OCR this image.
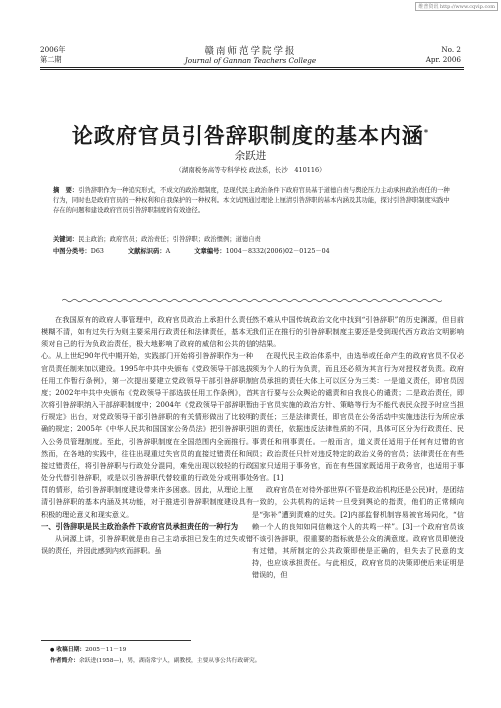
维普资讯 http://www.cqvip.com
2006年
第二期
赣南师范学院学报
Journal of Gannan Teachers College
No. 2
Apr. 2006
论政府官员引咎辞职制度的基本内涵*
余跃进
（湖南税务高等专科学校 政法系，长沙　410116）
摘　要：引咎辞职作为一种追究形式，不成文的政治理制度，是现代民主政治条件下政府官员基于道德自责与舆论压力主动承担政治责任的一种行为，同时也是政府官员的一种权利和自我保护的一种权利。本文试图通过理论上厘清引咎辞职的基本内涵及其功能，探讨引咎辞职制度实践中存在的问题和建设政府官员引咎辞职制度的有效途径。
关键词：民主政治；政府官员；政治责任；引咎辞职；政治惯例；道德自责
中图分类号：D63	文献标识码：A	文章编号：1004－8332(2006)02－0125－04

在我国原有的政府人事管理中，政府官员政治上承担什么责任模糊不清，如有过失行为则主要采用行政责任和法律责任，基本无须对自己的行为负政治责任，极大地影响了政府的威信和公共的信心。从上世纪90年代中期开始，实践部门开始将引咎辞职作为一种官员责任制来加以建设。1995年中共中央颁布《党政领导干部选拔任用工作暂行条例》，第一次提出要建立党政领导干部引咎辞职制度；2002年中共中央颁布《党政领导干部选拔任用工作条例》，首次将引咎辞职纳入干部辞职制度中；2004年《党政领导干部辞职暂行规定》出台，对党政领导干部引咎辞职的有关情形做出了比较明确的规定；2005年《中华人民共和国国家公务员法》把引咎辞职引入公务员管理制度。至此，引咎辞职制度在全国范围内全面推行。然而，在各地的实践中，往往出现重过失官员的直接过错责任和间接过错责任，将引咎辞职与行政处分混同，难免出现以较轻的行政处分代替引咎辞职，或是以引咎辞职代替较重的行政处分或刑事处罚的情形，给引咎辞职制度建设带来许多困惑。因此，从理论上厘清引咎辞职的基本内涵及其功能，对于推进引咎辞职制度建设具有积极的理论意义和现实意义。

一、引咎辞职是民主政治条件下政府官员承担责任的一种行为

从词源上讲，引咎辞职就是由自己主动承担已发生的过失或错误的责任，并因此感到内疚而辞职。虽

然不难从中国传统政治文化中找到“引咎辞职”的历史渊源，但目前我们正在推行的引咎辞职制度主要还是受到现代西方政治文明影响的结果。

在现代民主政治体系中，由选举或任命产生的政府官员不仅必须为个人的行为负责，而且还必须为其言行为对授权者负责。政府官员承担的责任大体上可以区分为三类：一是道义责任，即官员因其言行要与公众舆论的谴责和自我良心的谴责；二是政治责任，即由于官员实施的政治方针、策略等行为不能代表民众授予时应当担的责任；三是法律责任，即官员在公务活动中实施违法行为所应承担的责任，依据违反法律性质的不同，具体可区分为行政责任、民事责任和刑事责任。一般而言，道义责任适用于任何有过错的官员；政治责任只针对违反特定的政治义务的官员；法律责任在有些国家只适用于事务官，而在有些国家既适用于政务官，也适用于事务官。[1]

政府官员在对待外部世界(不管是政治机构还是公民)时，是团结一致的，公共机构的运转一旦受到舆论的指责，他们的正常倾向是“弥补”遭到责难的过失。[2]内部监督机制容易被官场同化，“信赖一个人的良知如同信赖这个人的共鸣一样”。[3]一个政府官员该不该引咎辞职，很重要的指标就是公众的满意度。政府官员即使没有过错，其所制定的公共政策即使是正确的，但失去了民意的支持，也应该承担责任。与此相反，政府官员的决策即使后来证明是错误的，但

● 收稿日期：2005－11－19
作者简介：余跃进(1958—)，男，湖南常宁人，副教授，主要从事公共行政研究。
